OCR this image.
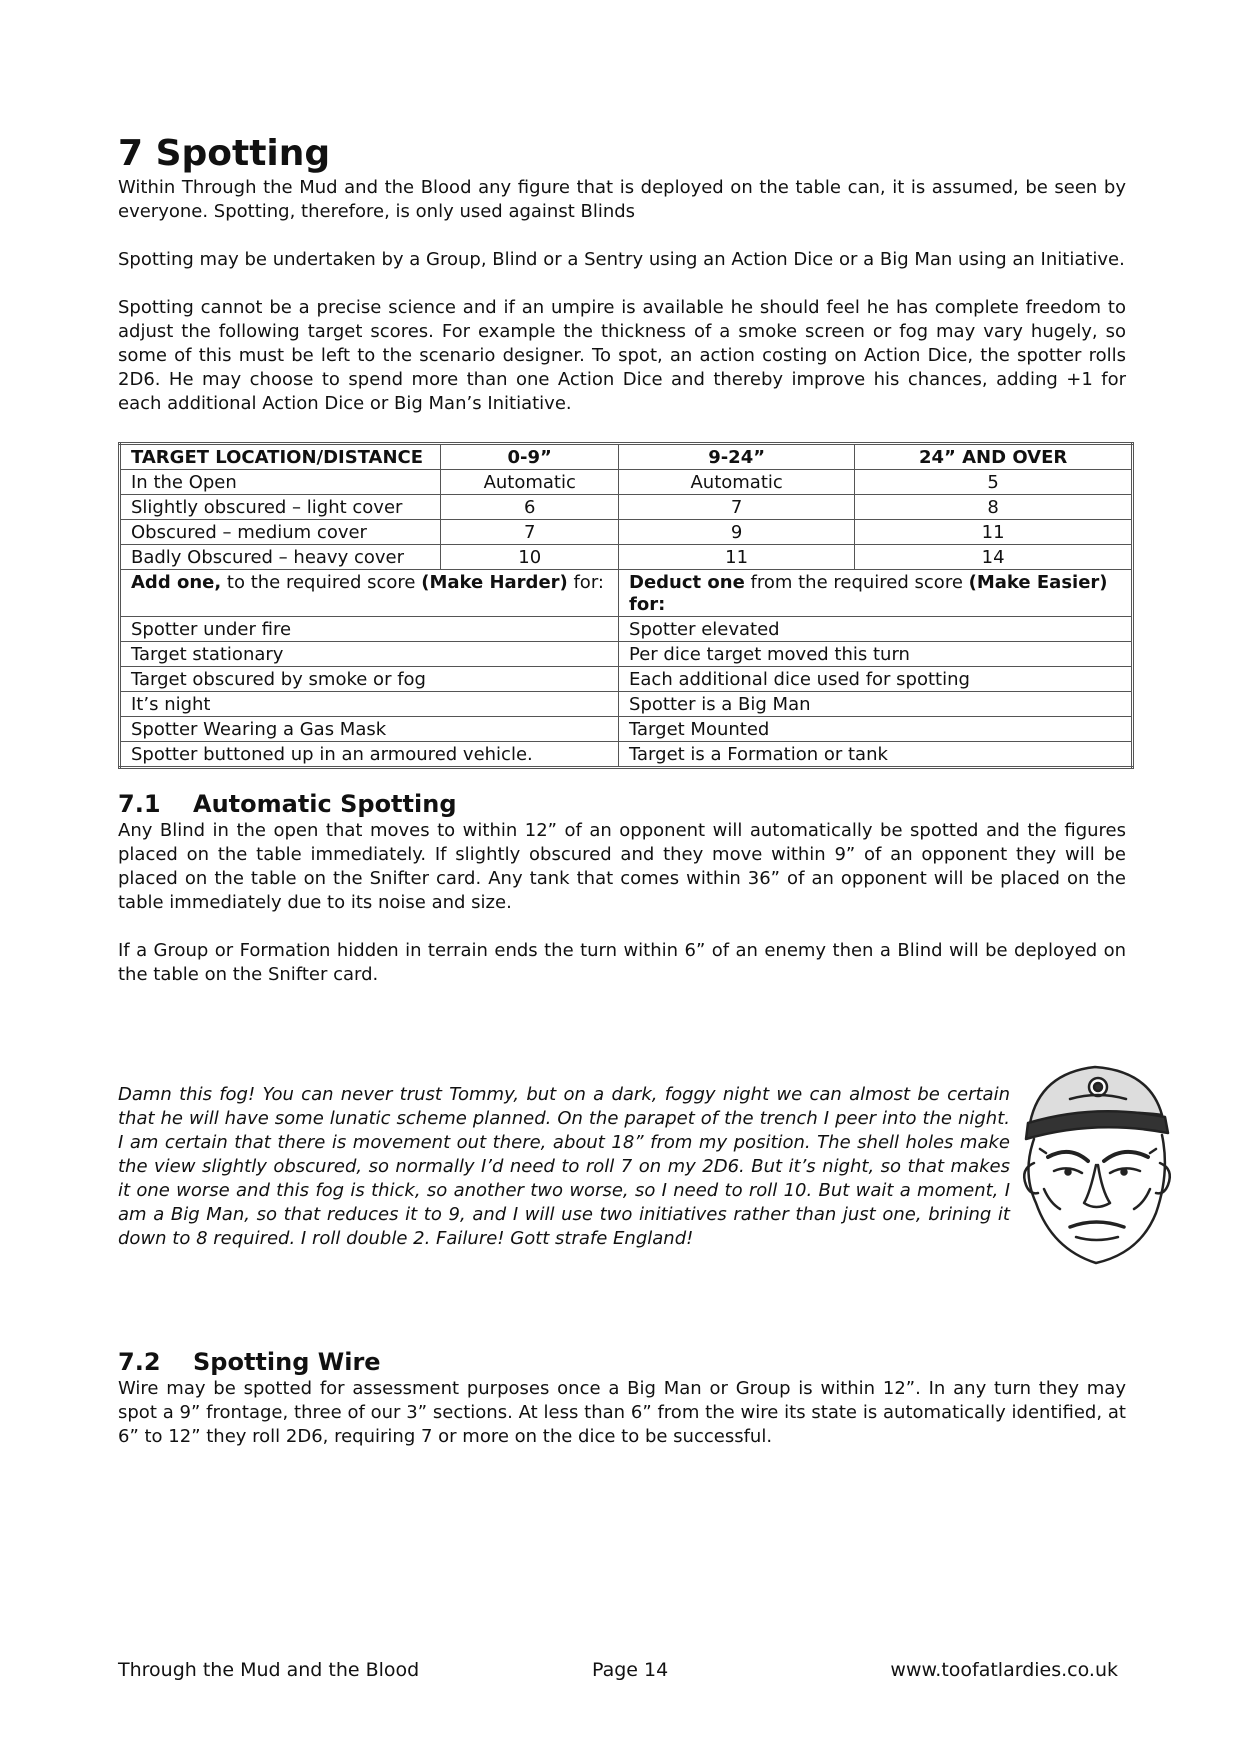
7 Spotting

Within Through the Mud and the Blood any figure that is deployed on the table can, it is assumed, be seen by everyone. Spotting, therefore, is only used against Blinds

Spotting may be undertaken by a Group, Blind or a Sentry using an Action Dice or a Big Man using an Initiative.

Spotting cannot be a precise science and if an umpire is available he should feel he has complete freedom to adjust the following target scores. For example the thickness of a smoke screen or fog may vary hugely, so some of this must be left to the scenario designer. To spot, an action costing on Action Dice, the spotter rolls 2D6. He may choose to spend more than one Action Dice and thereby improve his chances, adding +1 for each additional Action Dice or Big Man’s Initiative.

TARGET LOCATION/DISTANCE	0-9”	9-24”	24” AND OVER
In the Open	Automatic	Automatic	5
Slightly obscured – light cover	6	7	8
Obscured – medium cover	7	9	11
Badly Obscured – heavy cover	10	11	14
Add one, to the required score (Make Harder) for:		Deduct one from the required score (Make Easier) for:	
Spotter under fire		Spotter elevated	
Target stationary		Per dice target moved this turn	
Target obscured by smoke or fog		Each additional dice used for spotting	
It’s night		Spotter is a Big Man	
Spotter Wearing a Gas Mask		Target Mounted	
Spotter buttoned up in an armoured vehicle.		Target is a Formation or tank	
7.1 Automatic Spotting

Any Blind in the open that moves to within 12” of an opponent will automatically be spotted and the figures placed on the table immediately. If slightly obscured and they move within 9” of an opponent they will be placed on the table on the Snifter card. Any tank that comes within 36” of an opponent will be placed on the table immediately due to its noise and size.

If a Group or Formation hidden in terrain ends the turn within 6” of an enemy then a Blind will be deployed on the table on the Snifter card.

Damn this fog! You can never trust Tommy, but on a dark, foggy night we can almost be certain that he will have some lunatic scheme planned. On the parapet of the trench I peer into the night. I am certain that there is movement out there, about 18” from my position. The shell holes make the view slightly obscured, so normally I’d need to roll 7 on my 2D6. But it’s night, so that makes it one worse and this fog is thick, so another two worse, so I need to roll 10. But wait a moment, I am a Big Man, so that reduces it to 9, and I will use two initiatives rather than just one, brining it down to 8 required. I roll double 2. Failure! Gott strafe England!

7.2 Spotting Wire

Wire may be spotted for assessment purposes once a Big Man or Group is within 12”. In any turn they may spot a 9” frontage, three of our 3” sections. At less than 6” from the wire its state is automatically identified, at 6” to 12” they roll 2D6, requiring 7 or more on the dice to be successful.

Through the Mud and the Blood	Page 14	www.toofatlardies.co.uk
